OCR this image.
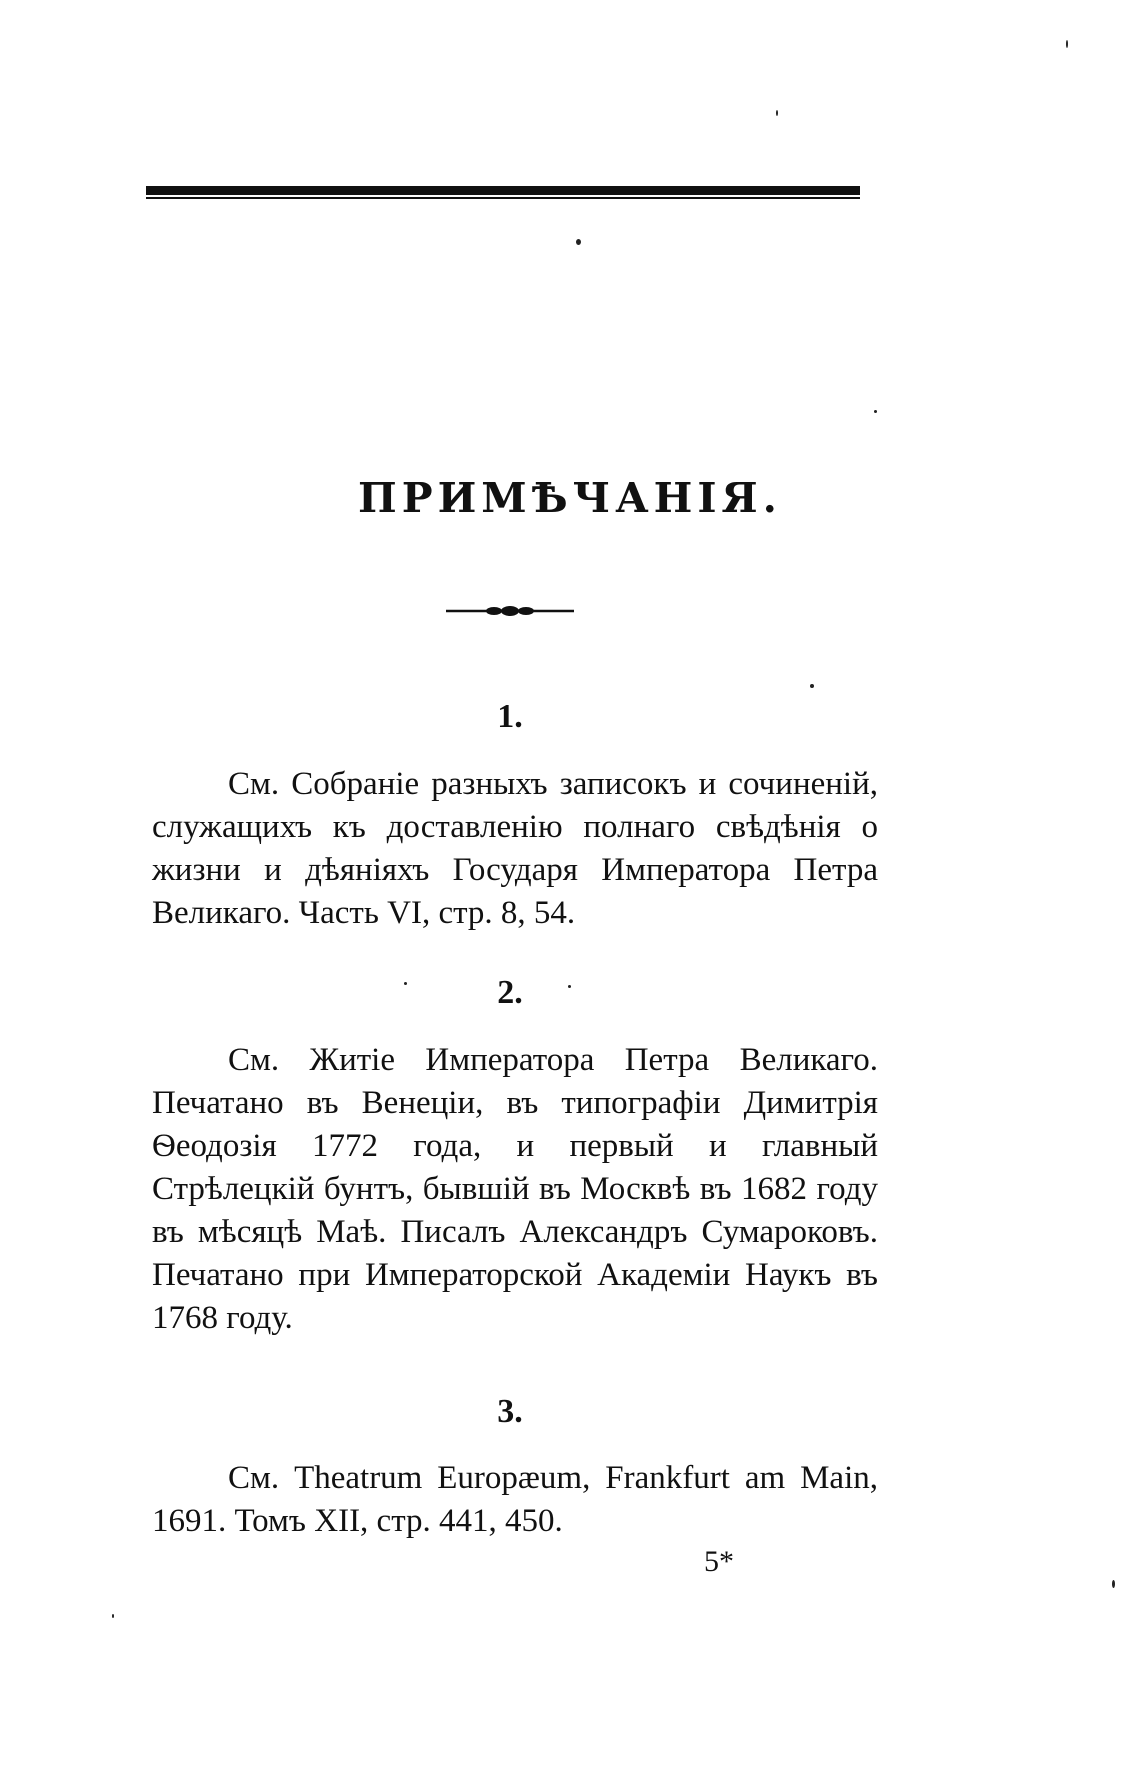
ПРИМѢЧАНІЯ.
1.

См. Собраніе разныхъ записокъ и сочиненій, служащихъ къ доставленію полнаго свѣдѣнія о жизни и дѣяніяхъ Государя Императора Петра Великаго. Часть VI, стр. 8, 54.

2.

См. Житіе Императора Петра Великаго. Печатано въ Венеціи, въ типографіи Димитрія Ѳеодозія 1772 года, и первый и главный Стрѣлецкій бунтъ, бывшій въ Москвѣ въ 1682 году въ мѣсяцѣ Маѣ. Писалъ Александръ Сумароковъ. Печатано при Императорской Академіи Наукъ въ 1768 году.

3.

См. Theatrum Europæum, Frankfurt am Main, 1691. Томъ XII, стр. 441, 450.

5*
